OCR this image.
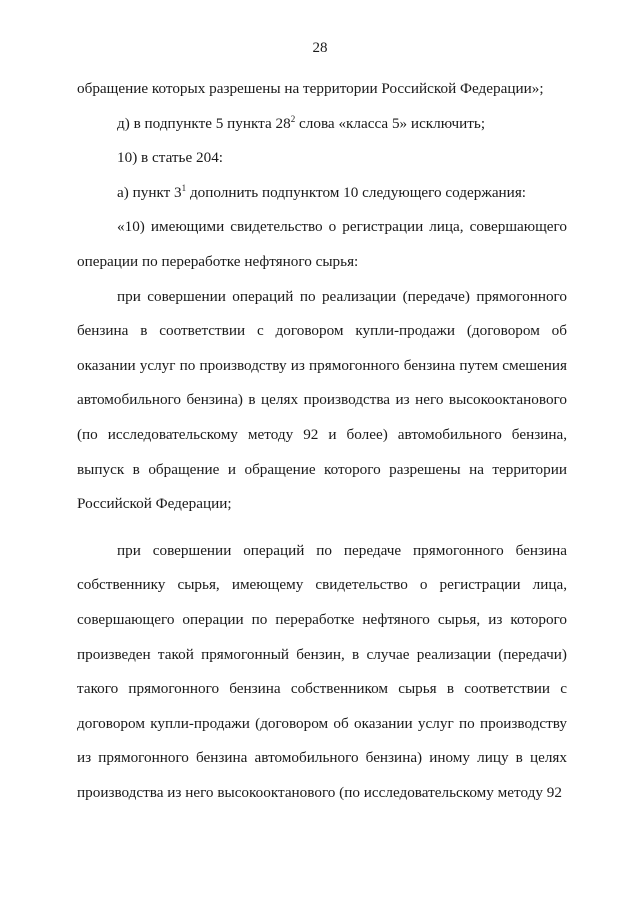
28

обращение которых разрешены на территории Российской Федерации»;

д) в подпункте 5 пункта $28^2$ слова «класса 5» исключить;

10) в статье 204:

а) пункт $3^1$ дополнить подпунктом 10 следующего содержания:

«10) имеющими свидетельство о регистрации лица, совершающего операции по переработке нефтяного сырья:

при совершении операций по реализации (передаче) прямогонного бензина в соответствии с договором купли-продажи (договором об оказании услуг по производству из прямогонного бензина путем смешения автомобильного бензина) в целях производства из него высокооктанового (по исследовательскому методу 92 и более) автомобильного бензина, выпуск в обращение и обращение которого разрешены на территории Российской Федерации;

при совершении операций по передаче прямогонного бензина собственнику сырья, имеющему свидетельство о регистрации лица, совершающего операции по переработке нефтяного сырья, из которого произведен такой прямогонный бензин, в случае реализации (передачи) такого прямогонного бензина собственником сырья в соответствии с договором купли-продажи (договором об оказании услуг по производству из прямогонного бензина автомобильного бензина) иному лицу в целях производства из него высокооктанового (по исследовательскому методу 92
